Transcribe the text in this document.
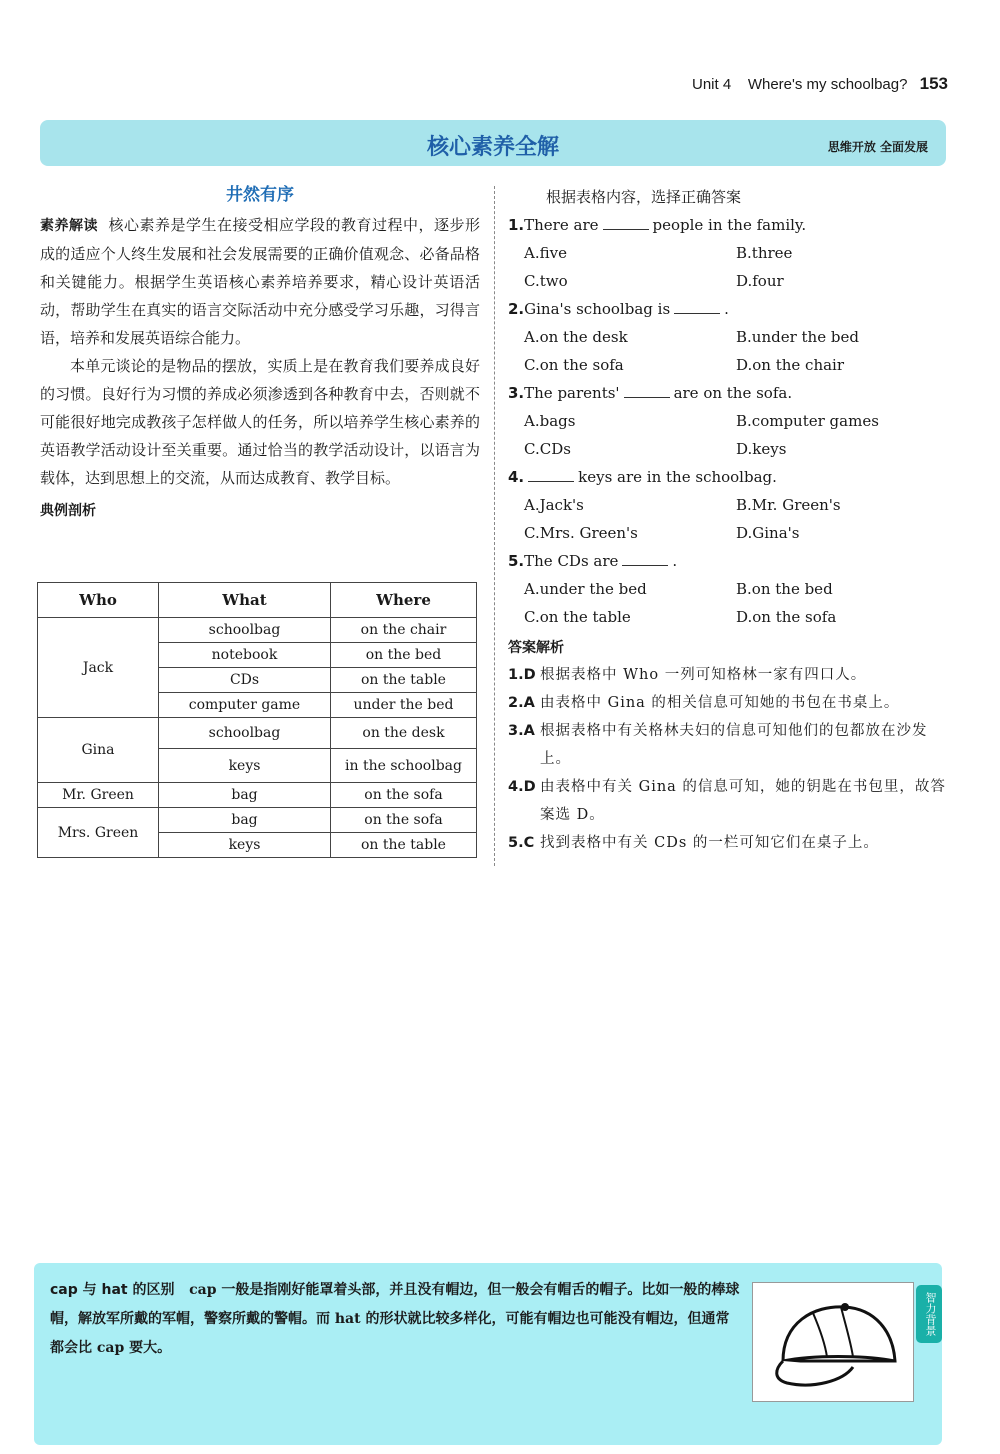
Unit 4 Where's my schoolbag? 153
核心素养全解	思维开放 全面发展
井然有序

素养解读 核心素养是学生在接受相应学段的教育过程中，逐步形成的适应个人终生发展和社会发展需要的正确价值观念、必备品格和关键能力。根据学生英语核心素养培养要求，精心设计英语活动，帮助学生在真实的语言交际活动中充分感受学习乐趣，习得言语，培养和发展英语综合能力。

本单元谈论的是物品的摆放，实质上是在教育我们要养成良好的习惯。良好行为习惯的养成必须渗透到各种教育中去，否则就不可能很好地完成教孩子怎样做人的任务，所以培养学生核心素养的英语教学活动设计至关重要。通过恰当的教学活动设计，以语言为载体，达到思想上的交流，从而达成教育、教学目标。

典例剖析
Who	What	Where
Jack	schoolbag	on the chair
	notebook	on the bed
	CDs	on the table
	computer game	under the bed
Gina	schoolbag	on the desk
	keys	in the schoolbag
Mr. Green	bag	on the sofa
Mrs. Green	bag	on the sofa
	keys	on the table
根据表格内容，选择正确答案
1.There are	people in the family.
A.five	B.three
C.two	D.four
2.Gina's schoolbag is	.
A.on the desk	B.under the bed
C.on the sofa	D.on the chair
3.The parents'	are on the sofa.
A.bags	B.computer games
C.CDs	D.keys
4.	keys are in the schoolbag.
A.Jack's	B.Mr. Green's
C.Mrs. Green's	D.Gina's
5.The CDs are	.
A.under the bed	B.on the bed
C.on the table	D.on the sofa
答案解析
1.D 根据表格中 Who 一列可知格林一家有四口人。
2.A 由表格中 Gina 的相关信息可知她的书包在书桌上。
3.A 根据表格中有关格林夫妇的信息可知他们的包都放在沙发上。
4.D 由表格中有关 Gina 的信息可知，她的钥匙在书包里，故答案选 D。
5.C 找到表格中有关 CDs 的一栏可知它们在桌子上。
cap 与 hat 的区别 cap 一般是指刚好能罩着头部，并且没有帽边，但一般会有帽舌的帽子。比如一般的棒球帽，解放军所戴的军帽，警察所戴的警帽。而 hat 的形状就比较多样化，可能有帽边也可能没有帽边，但通常都会比 cap 要大。
智力背景
